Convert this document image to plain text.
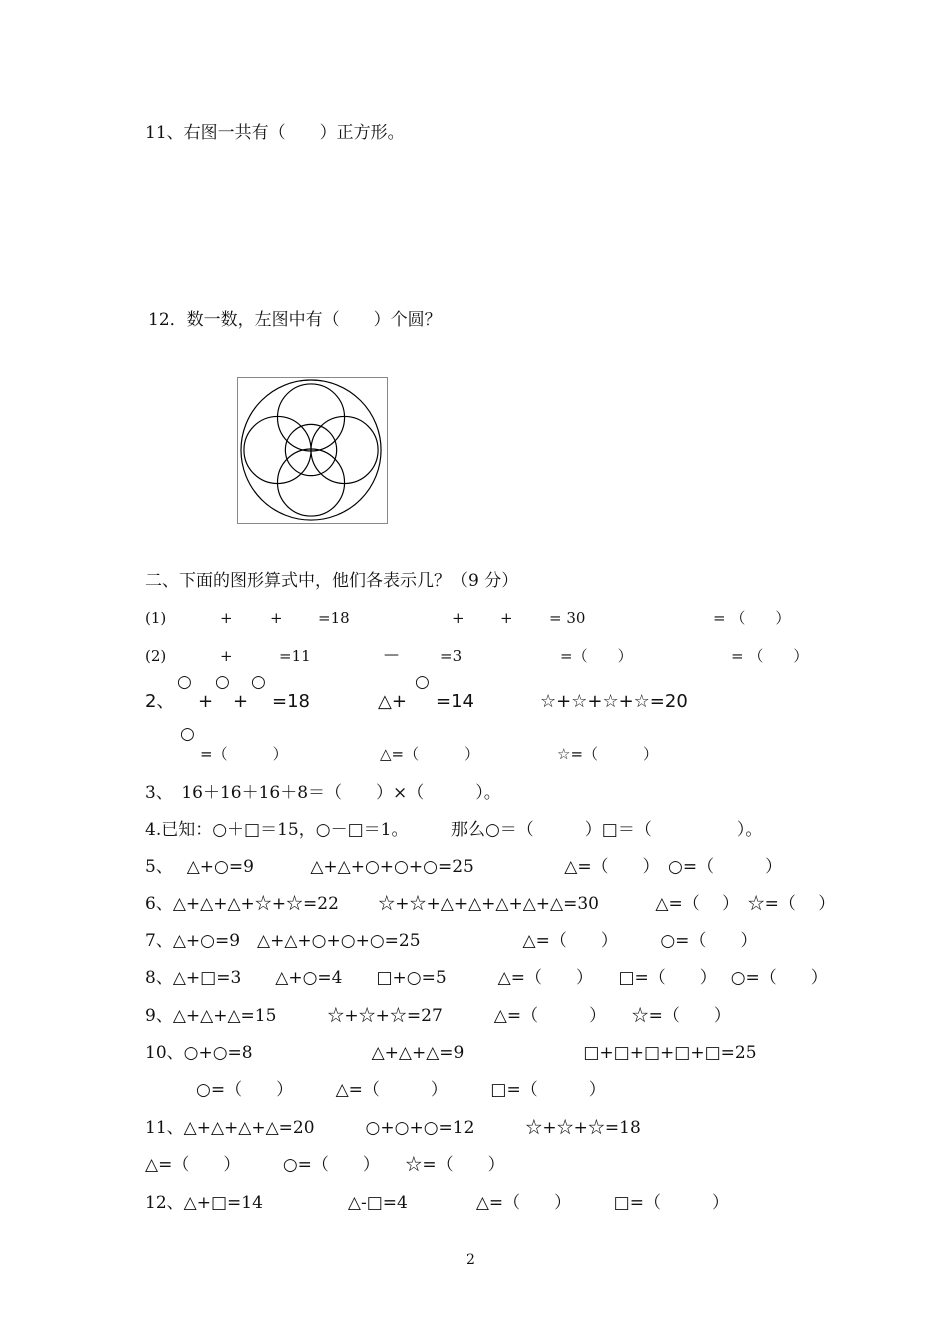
11、右图一共有（　　）正方形。
12．数一数，左图中有（　　）个圆？
二、下面的图形算式中，他们各表示几？（9 分）
(1)	+ + =18	+ + = 30	= （　　）
(2)	+	=11	—	=3	=（　　）	= （　　）
○ ○ ○	○
2、 + + =18	△+ =14	☆+☆+☆+☆=20
○
=（　　　）	△=（　　　）	☆=（　　　）
3、　16＋16＋16＋8＝（　　）×（　　　）。
4.已知：○＋□＝15，○－□＝1。　　　那么○＝（　　　）□＝（　　　　　）。
5、　 △+○=9　　　 △+△+○+○+○=25　　　　　 △=（　　）　○=（　　　）
6、△+△+△+☆+☆=22　　 ☆+☆+△+△+△+△+△=30　　　 △=（　 ）　☆=（　 ）
7、△+○=9　△+△+○+○+○=25　　　　　　△=（　　）　　　○=（　　）
8、△+□=3　　△+○=4　　□+○=5　　　△=（　　）　　□=（　　）　 ○=（　　）
9、△+△+△=15　　　☆+☆+☆=27　　　△=（　　　）　　☆=（　　）
10、○+○=8　　　　　　　△+△+△=9　　　　　　　□+□+□+□+□=25
　　　○=（　　）　　　△=（　　　）　　　□=（　　　）
11、△+△+△+△=20　　　○+○+○=12　　　☆+☆+☆=18
△=（　　）　　　○=（　　）　　☆=（　　）
12、△+□=14　　　　　△-□=4　　　　△=（　　）　　　□=（　　　）
2
